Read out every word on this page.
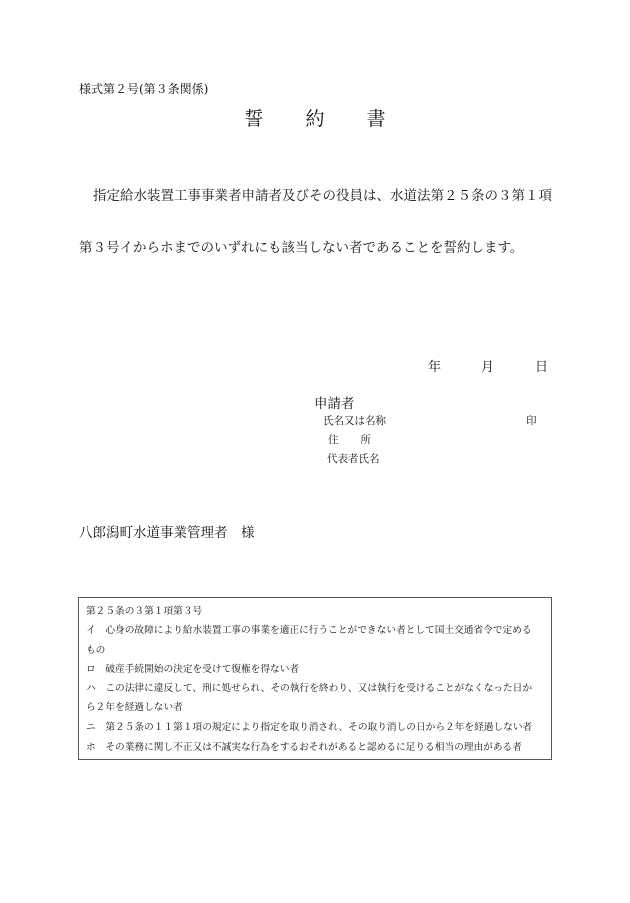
様式第２号(第３条関係)
誓 約 書
指定給水装置工事事業者申請者及びその役員は、水道法第２５条の３第１項
第３号イからホまでのいずれにも該当しない者であることを誓約します。
年	月	日
申請者
氏名又は名称	印
住 所
代表者氏名
八郎潟町水道事業管理者　様
第２５条の３第１項第３号
イ　心身の故障により給水装置工事の事業を適正に行うことができない者として国土交通省令で定める
もの
ロ　破産手続開始の決定を受けて復権を得ない者
ハ　この法律に違反して、刑に処せられ、その執行を終わり、又は執行を受けることがなくなった日か
ら２年を経過しない者
ニ　第２５条の１１第１項の規定により指定を取り消され、その取り消しの日から２年を経過しない者
ホ　その業務に関し不正又は不誠実な行為をするおそれがあると認めるに足りる相当の理由がある者
